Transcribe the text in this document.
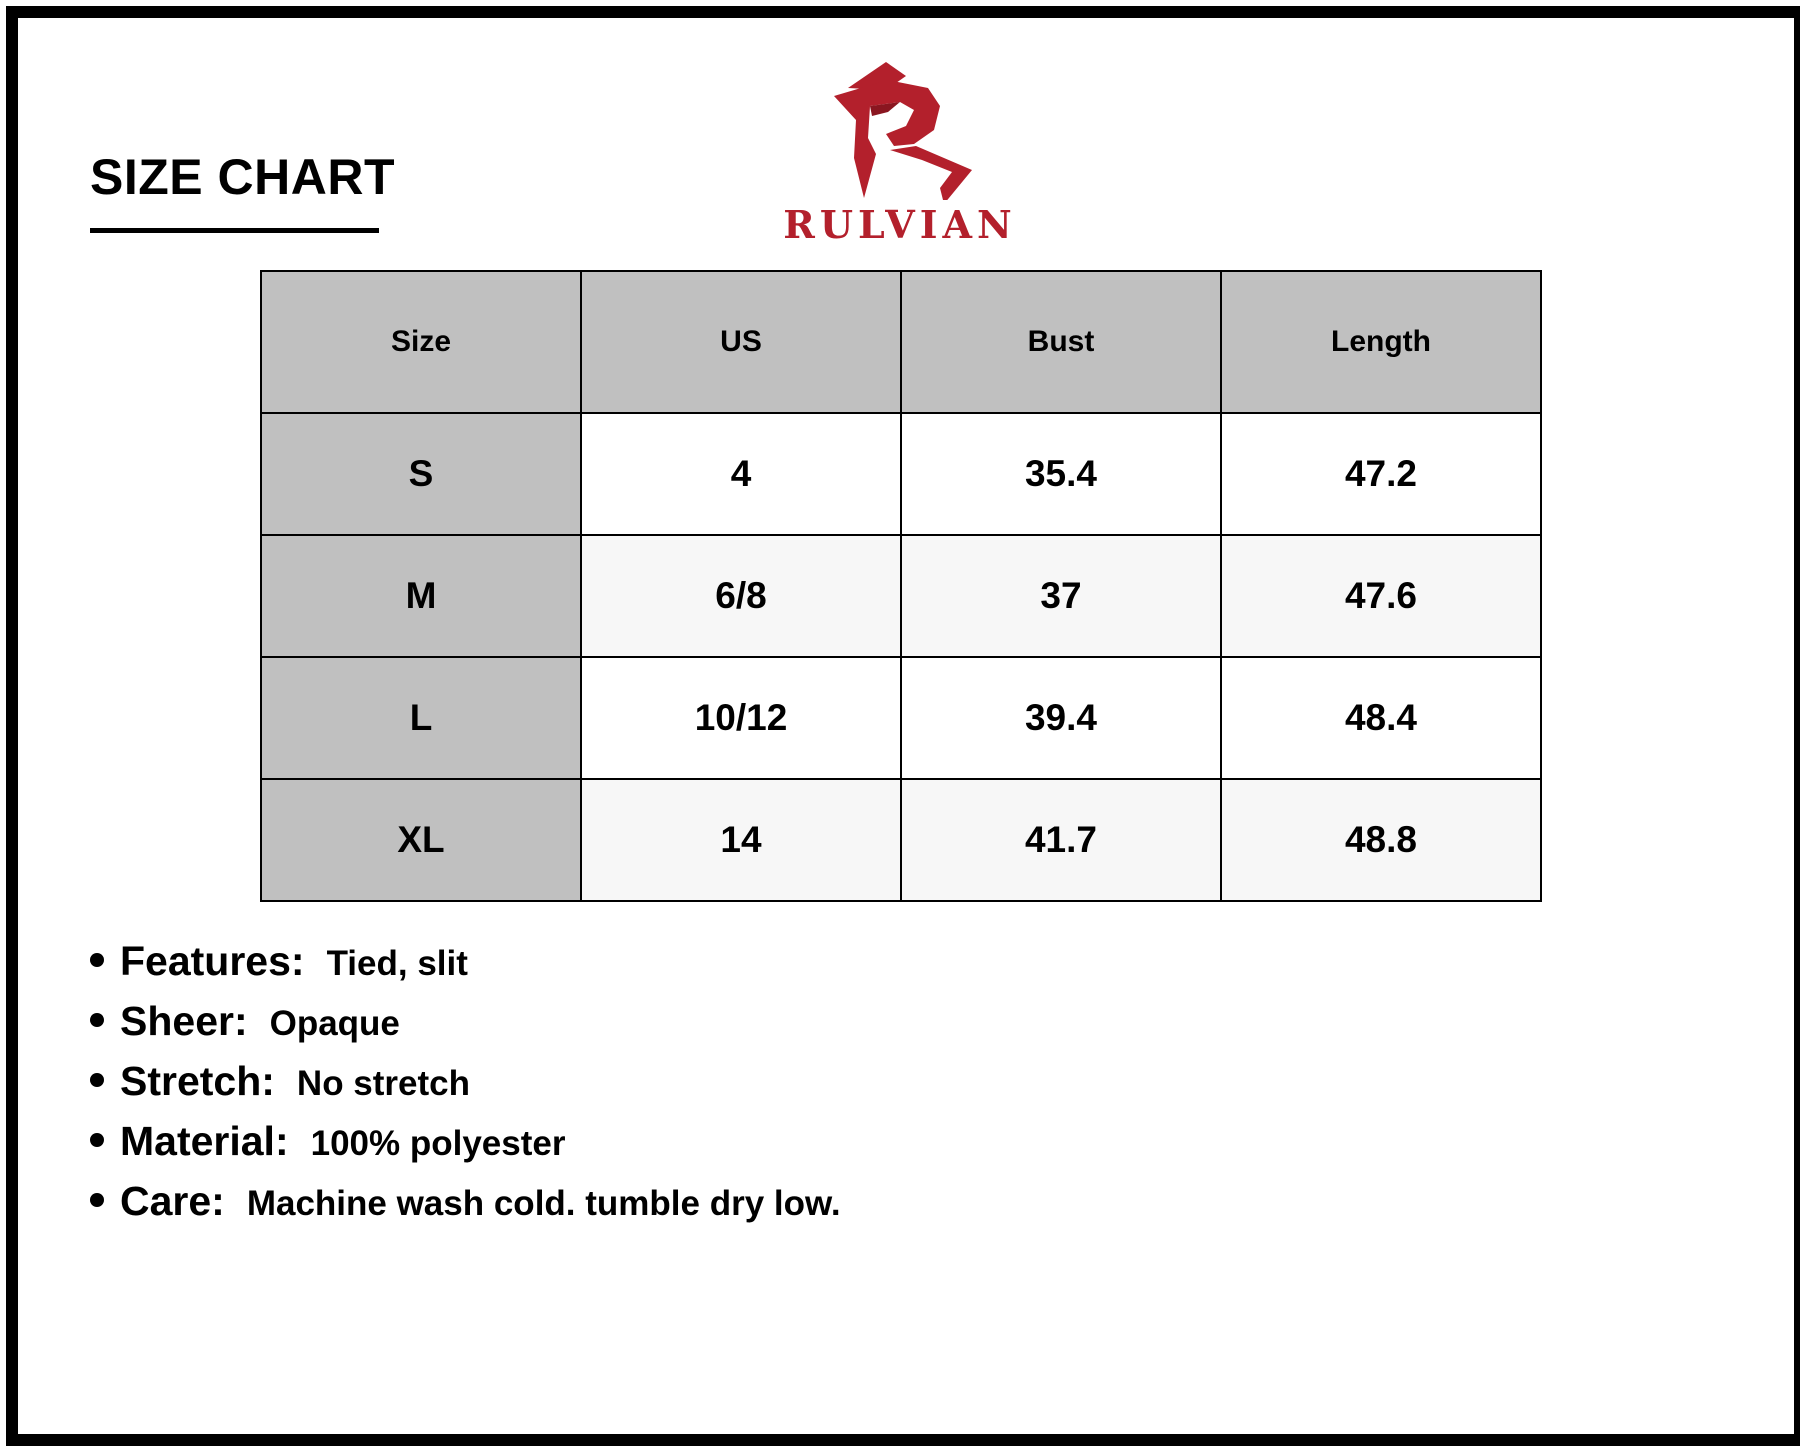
SIZE CHART
RULVIAN
Size	US	Bust	Length
S	4	35.4	47.2
M	6/8	37	47.6
L	10/12	39.4	48.4
XL	14	41.7	48.8
Features: Tied, slit
Sheer: Opaque
Stretch: No stretch
Material: 100% polyester
Care: Machine wash cold. tumble dry low.
